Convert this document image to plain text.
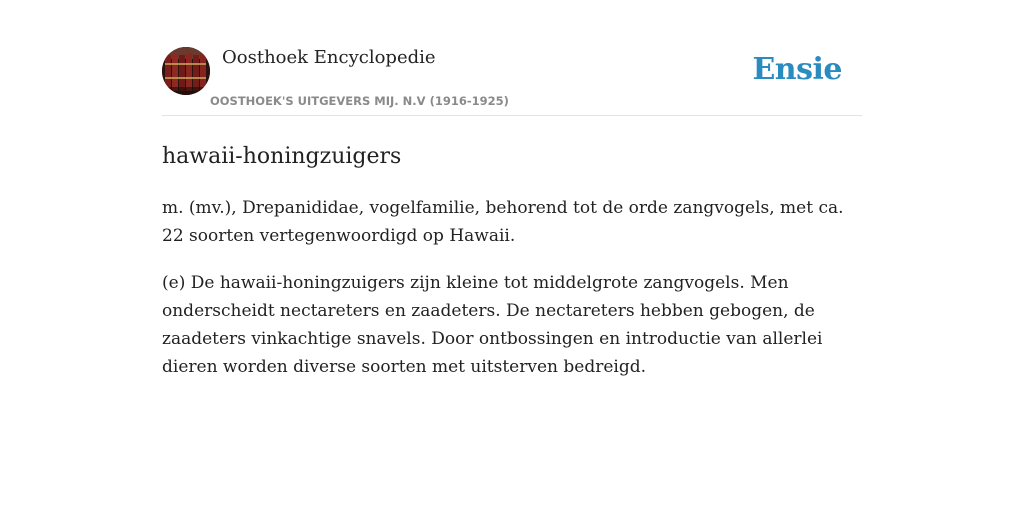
Oosthoek Encyclopedie
OOSTHOEK'S UITGEVERS MIJ. N.V (1916-1925)
Ensie
hawaii-honingzuigers

m. (mv.), Drepanididae, vogelfamilie, behorend tot de orde zangvogels, met ca. 22 soorten vertegenwoordigd op Hawaii.

(e) De hawaii-honingzuigers zijn kleine tot middelgrote zangvogels. Men onderscheidt nectareters en zaadeters. De nectareters hebben gebogen, de zaadeters vinkachtige snavels. Door ontbossingen en introductie van allerlei dieren worden diverse soorten met uitsterven bedreigd.
